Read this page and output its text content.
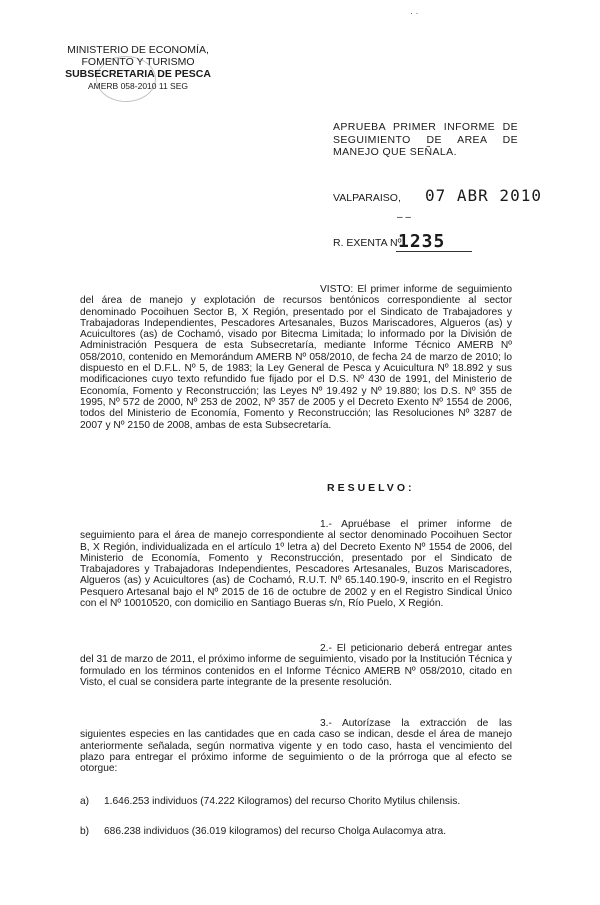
· ·
MINISTERIO DE ECONOMÍA,
FOMENTO Y TURISMO
SUBSECRETARIA DE PESCA
AMERB 058-2010 11 SEG
APRUEBA PRIMER INFORME DE SEGUIMIENTO DE AREA DE MANEJO QUE SEÑALA.
VALPARAISO, 07 ABR 2010
– –
R. EXENTA Nº
1235
VISTO: El primer informe de seguimiento del área de manejo y explotación de recursos bentónicos correspondiente al sector denominado Pocoihuen Sector B, X Región, presentado por el Sindicato de Trabajadores y Trabajadoras Independientes, Pescadores Artesanales, Buzos Mariscadores, Algueros (as) y Acuicultores (as) de Cochamó, visado por Bitecma Limitada; lo informado por la División de Administración Pesquera de esta Subsecretaría, mediante Informe Técnico AMERB Nº 058/2010, contenido en Memorándum AMERB Nº 058/2010, de fecha 24 de marzo de 2010; lo dispuesto en el D.F.L. Nº 5, de 1983; la Ley General de Pesca y Acuicultura Nº 18.892 y sus modificaciones cuyo texto refundido fue fijado por el D.S. Nº 430 de 1991, del Ministerio de Economía, Fomento y Reconstrucción; las Leyes Nº 19.492 y Nº 19.880; los D.S. Nº 355 de 1995, Nº 572 de 2000, Nº 253 de 2002, Nº 357 de 2005 y el Decreto Exento Nº 1554 de 2006, todos del Ministerio de Economía, Fomento y Reconstrucción; las Resoluciones Nº 3287 de 2007 y Nº 2150 de 2008, ambas de esta Subsecretaría.
RESUELVO:
1.- Apruébase el primer informe de seguimiento para el área de manejo correspondiente al sector denominado Pocoihuen Sector B, X Región, individualizada en el artículo 1º letra a) del Decreto Exento Nº 1554 de 2006, del Ministerio de Economía, Fomento y Reconstrucción, presentado por el Sindicato de Trabajadores y Trabajadoras Independientes, Pescadores Artesanales, Buzos Mariscadores, Algueros (as) y Acuicultores (as) de Cochamó, R.U.T. Nº 65.140.190-9, inscrito en el Registro Pesquero Artesanal bajo el Nº 2015 de 16 de octubre de 2002 y en el Registro Sindical Único con el Nº 10010520, con domicilio en Santiago Bueras s/n, Río Puelo, X Región.
2.- El peticionario deberá entregar antes del 31 de marzo de 2011, el próximo informe de seguimiento, visado por la Institución Técnica y formulado en los términos contenidos en el Informe Técnico AMERB Nº 058/2010, citado en Visto, el cual se considera parte integrante de la presente resolución.
3.- Autorízase la extracción de las siguientes especies en las cantidades que en cada caso se indican, desde el área de manejo anteriormente señalada, según normativa vigente y en todo caso, hasta el vencimiento del plazo para entregar el próximo informe de seguimiento o de la prórroga que al efecto se otorgue:
a) 1.646.253 individuos (74.222 Kilogramos) del recurso Chorito Mytilus chilensis.
b) 686.238 individuos (36.019 kilogramos) del recurso Cholga Aulacomya atra.
